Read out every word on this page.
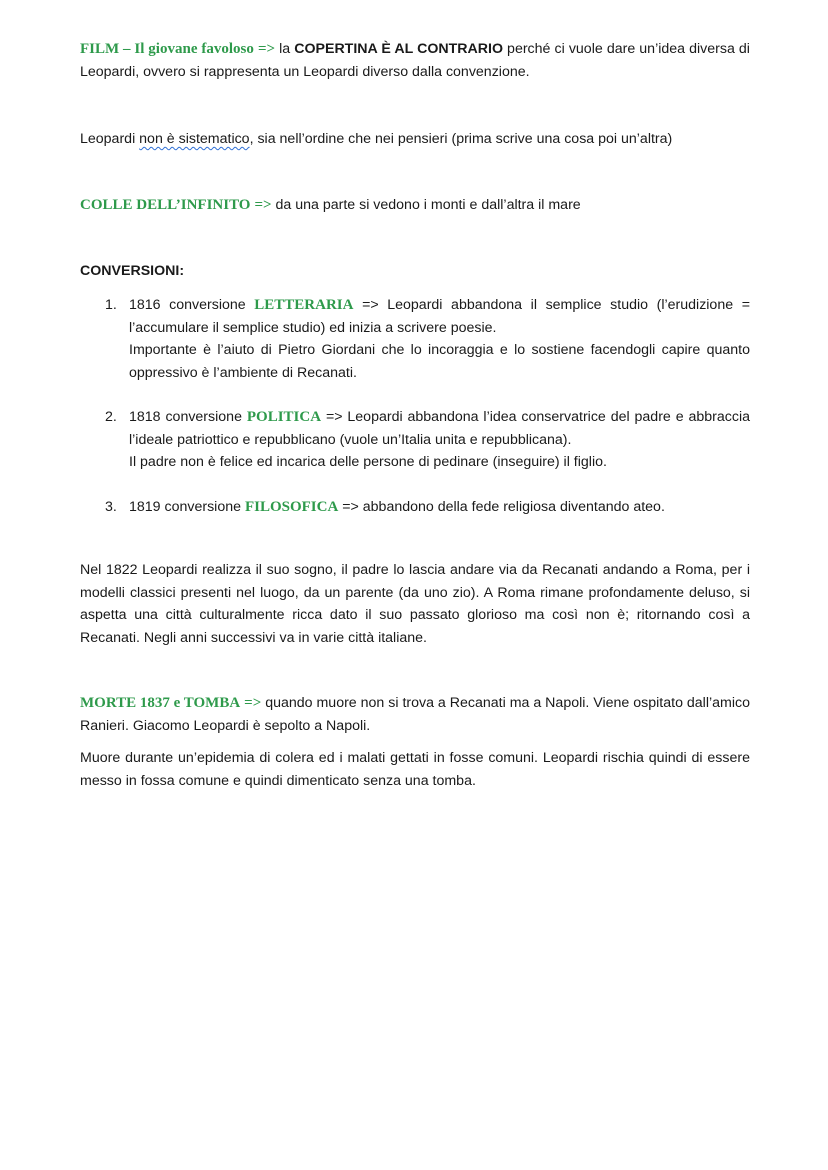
FILM – Il giovane favoloso => la COPERTINA È AL CONTRARIO perché ci vuole dare un’idea diversa di Leopardi, ovvero si rappresenta un Leopardi diverso dalla convenzione.

Leopardi non è sistematico, sia nell’ordine che nei pensieri (prima scrive una cosa poi un’altra)

COLLE DELL’INFINITO => da una parte si vedono i monti e dall’altra il mare

CONVERSIONI:

1. 1816 conversione LETTERARIA => Leopardi abbandona il semplice studio (l’erudizione = l’accumulare il semplice studio) ed inizia a scrivere poesie.
Importante è l’aiuto di Pietro Giordani che lo incoraggia e lo sostiene facendogli capire quanto oppressivo è l’ambiente di Recanati.
2. 1818 conversione POLITICA => Leopardi abbandona l’idea conservatrice del padre e abbraccia l’ideale patriottico e repubblicano (vuole un’Italia unita e repubblicana).
Il padre non è felice ed incarica delle persone di pedinare (inseguire) il figlio.
3. 1819 conversione FILOSOFICA => abbandono della fede religiosa diventando ateo.

Nel 1822 Leopardi realizza il suo sogno, il padre lo lascia andare via da Recanati andando a Roma, per i modelli classici presenti nel luogo, da un parente (da uno zio). A Roma rimane profondamente deluso, si aspetta una città culturalmente ricca dato il suo passato glorioso ma così non è; ritornando così a Recanati. Negli anni successivi va in varie città italiane.

MORTE 1837 e TOMBA => quando muore non si trova a Recanati ma a Napoli. Viene ospitato dall’amico Ranieri. Giacomo Leopardi è sepolto a Napoli.

Muore durante un’epidemia di colera ed i malati gettati in fosse comuni. Leopardi rischia quindi di essere messo in fossa comune e quindi dimenticato senza una tomba.
